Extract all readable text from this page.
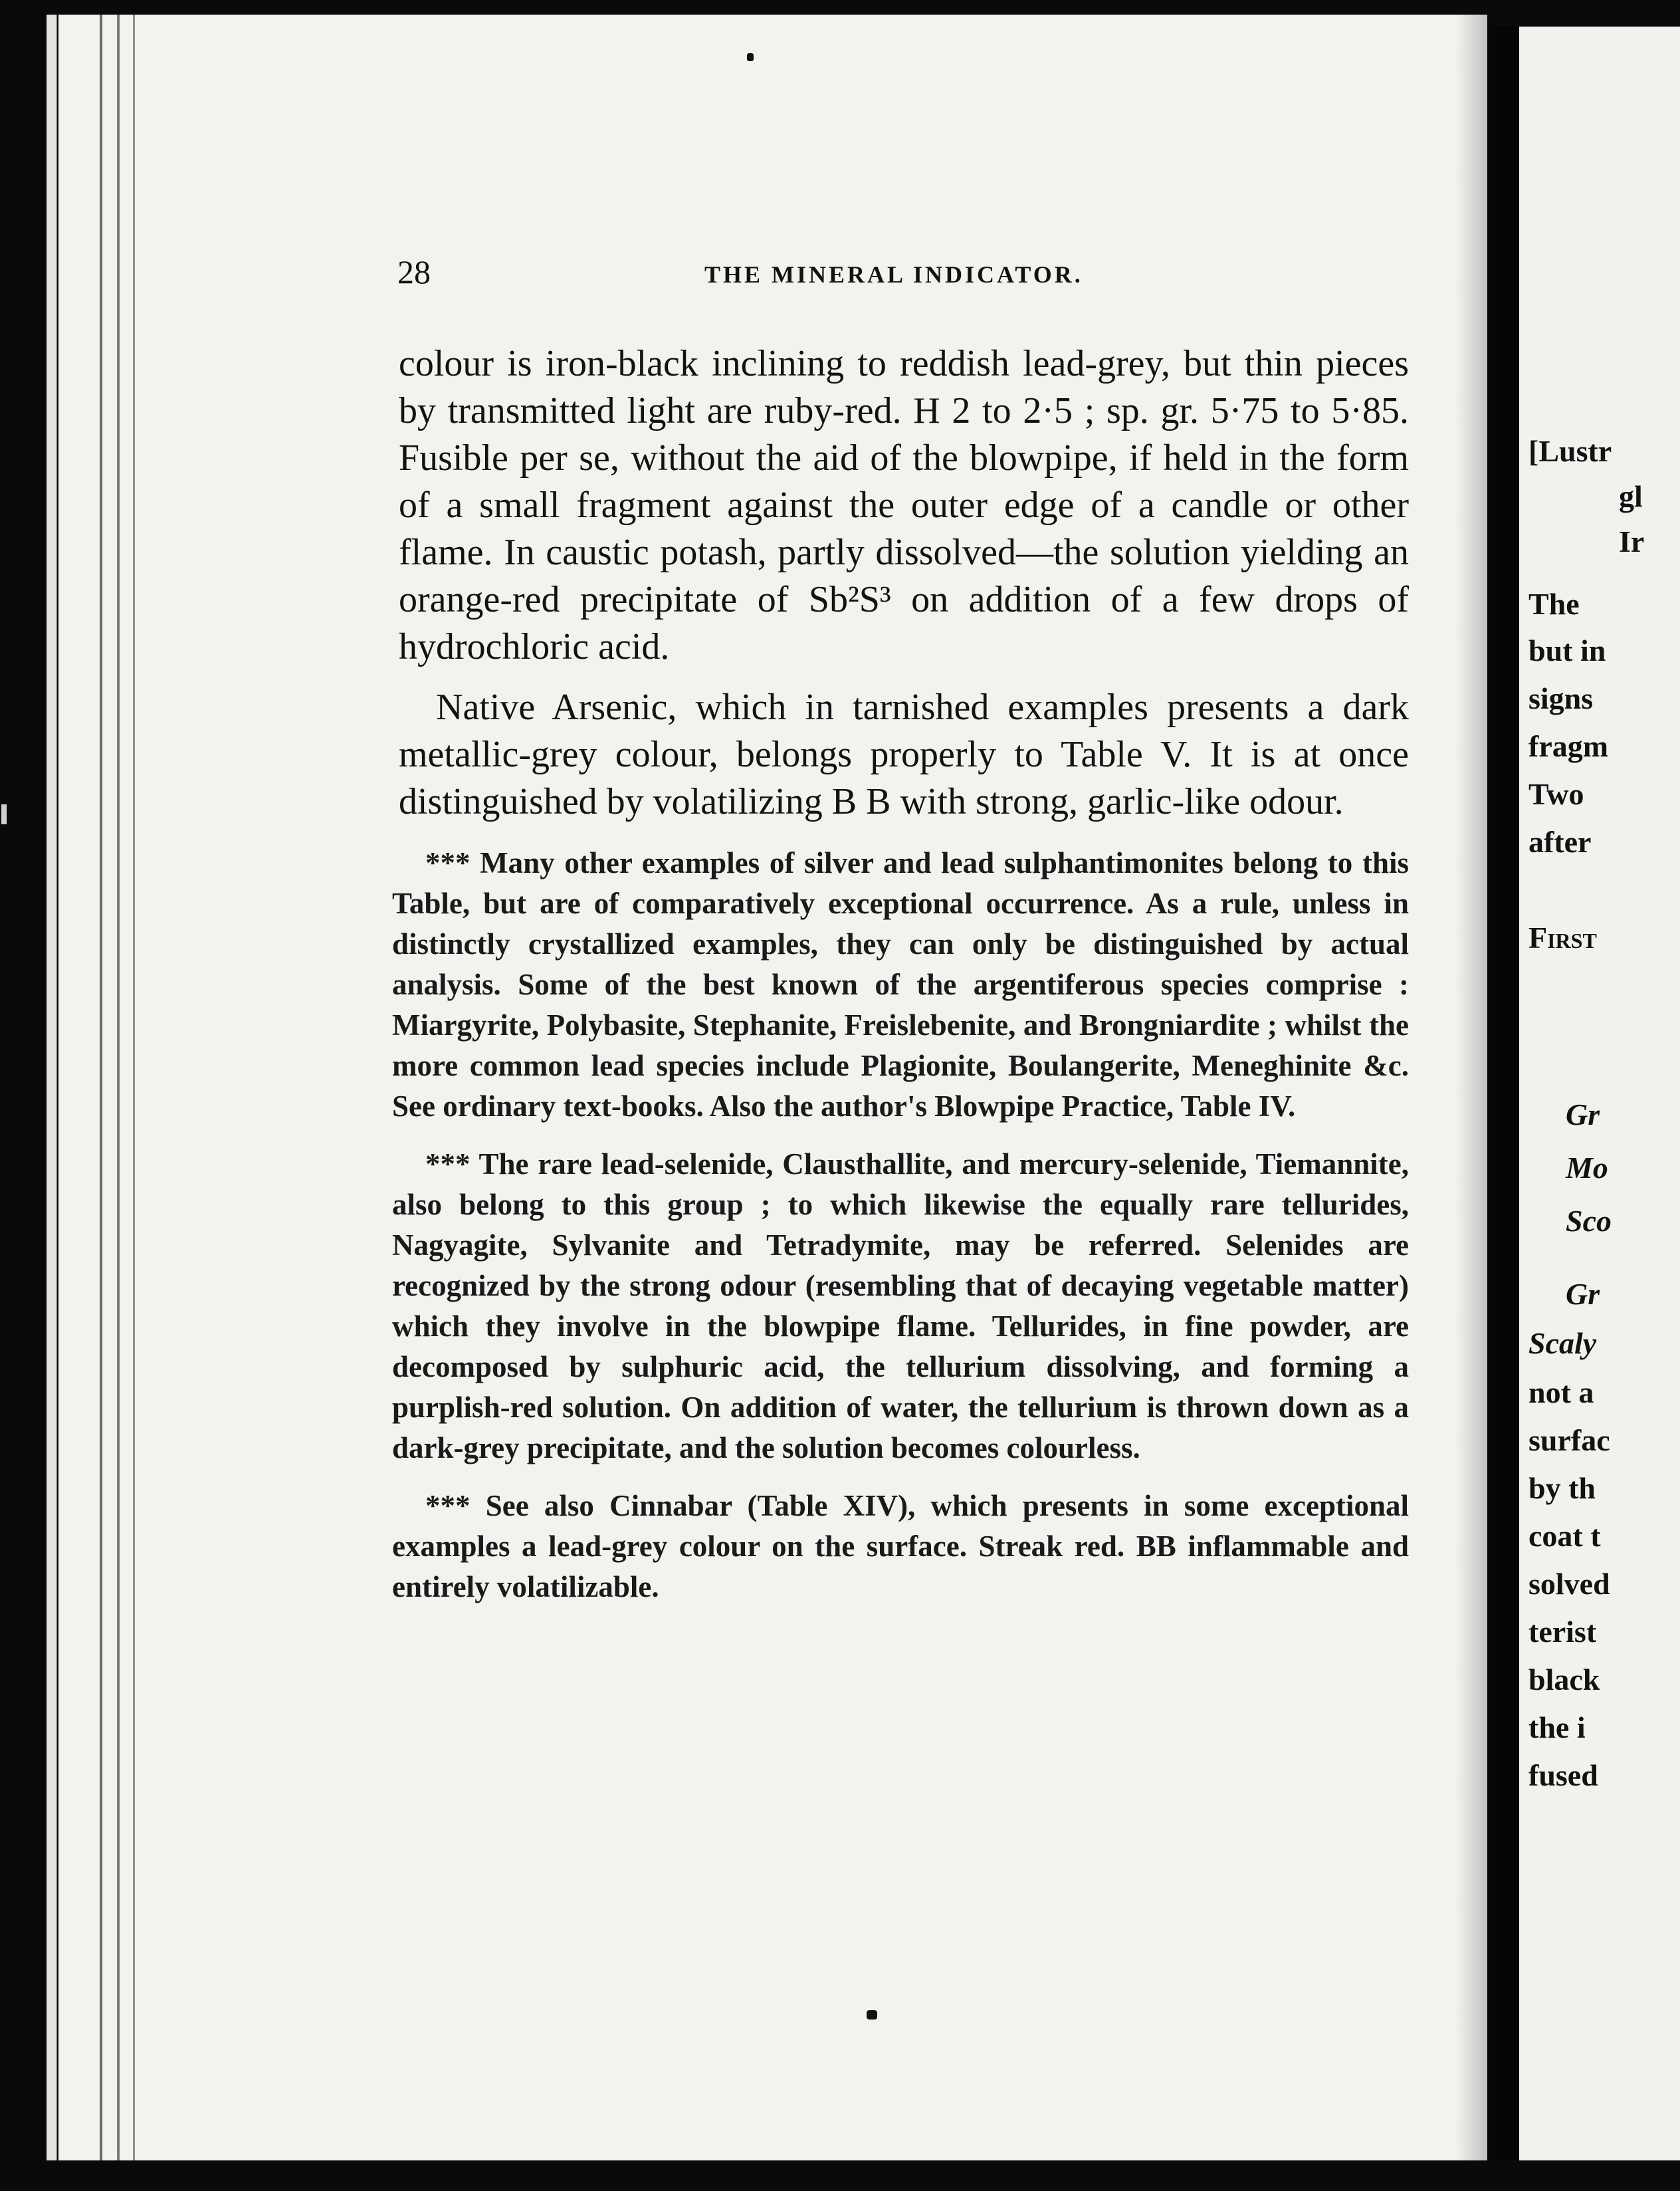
28	THE MINERAL INDICATOR.

colour is iron-black inclining to reddish lead-grey, but thin pieces by transmitted light are ruby-red. H 2 to 2·5 ; sp. gr. 5·75 to 5·85. Fusible per se, without the aid of the blowpipe, if held in the form of a small fragment against the outer edge of a candle or other flame. In caustic potash, partly dissolved—the solution yielding an orange-red precipitate of Sb²S³ on addition of a few drops of hydrochloric acid.

Native Arsenic, which in tarnished examples presents a dark metallic-grey colour, belongs properly to Table V. It is at once distinguished by volatilizing B B with strong, garlic-like odour.

*** Many other examples of silver and lead sulphantimonites belong to this Table, but are of comparatively exceptional occurrence. As a rule, unless in distinctly crystallized examples, they can only be distinguished by actual analysis. Some of the best known of the argentiferous species comprise : Miargyrite, Polybasite, Stephanite, Freislebenite, and Brongniardite ; whilst the more common lead species include Plagionite, Boulangerite, Meneghinite &c. See ordinary text-books. Also the author's Blowpipe Practice, Table IV.

*** The rare lead-selenide, Clausthallite, and mercury-selenide, Tiemannite, also belong to this group ; to which likewise the equally rare tellurides, Nagyagite, Sylvanite and Tetradymite, may be referred. Selenides are recognized by the strong odour (resembling that of decaying vegetable matter) which they involve in the blowpipe flame. Tellurides, in fine powder, are decomposed by sulphuric acid, the tellurium dissolving, and forming a purplish-red solution. On addition of water, the tellurium is thrown down as a dark-grey precipitate, and the solution becomes colourless.

*** See also Cinnabar (Table XIV), which presents in some exceptional examples a lead-grey colour on the surface. Streak red. BB inflammable and entirely volatilizable.

[Lustr
gl
Ir
The
but in
signs
fragm
Two
after
First
Gr
Mo
Sco
Gr
Scaly
not a
surfac
by th
coat t
solved
terist
black
the i
fused
